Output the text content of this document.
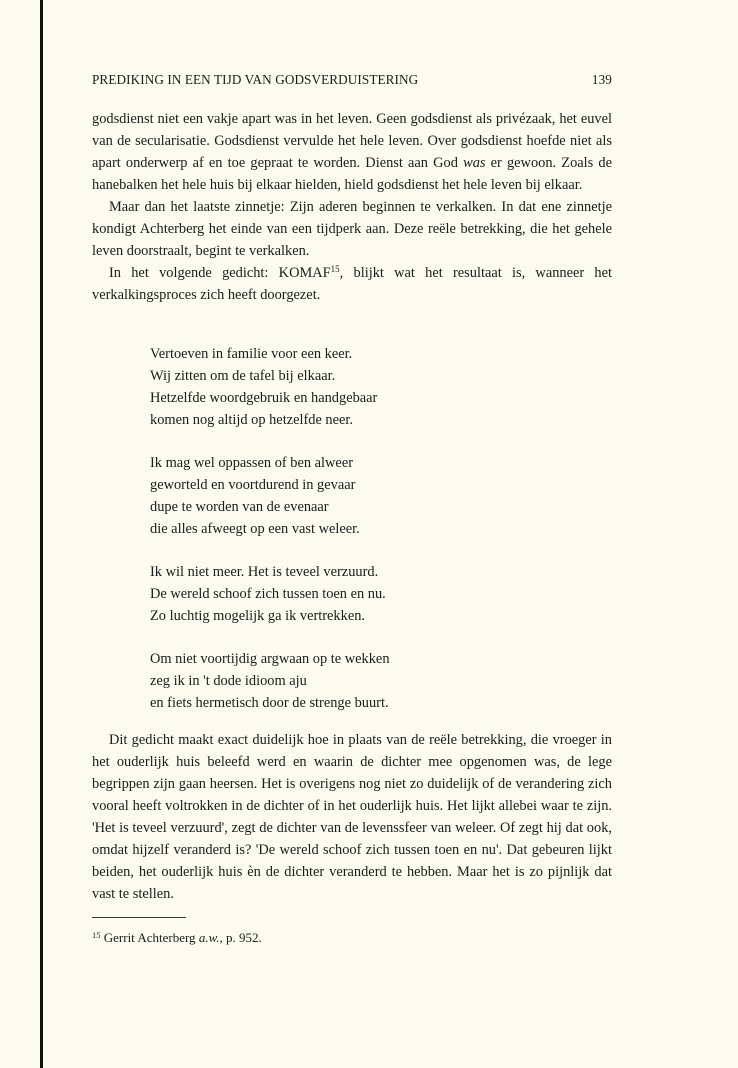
PREDIKING IN EEN TIJD VAN GODSVERDUISTERING	139

godsdienst niet een vakje apart was in het leven. Geen godsdienst als privézaak, het euvel van de secularisatie. Godsdienst vervulde het hele leven. Over godsdienst hoefde niet als apart onderwerp af en toe gepraat te worden. Dienst aan God was er gewoon. Zoals de hanebalken het hele huis bij elkaar hielden, hield godsdienst het hele leven bij elkaar.

Maar dan het laatste zinnetje: Zijn aderen beginnen te verkalken. In dat ene zinnetje kondigt Achterberg het einde van een tijdperk aan. Deze reële betrekking, die het gehele leven doorstraalt, begint te verkalken.

In het volgende gedicht: KOMAF$^{15}$, blijkt wat het resultaat is, wanneer het verkalkingsproces zich heeft doorgezet.

Vertoeven in familie voor een keer.
Wij zitten om de tafel bij elkaar.
Hetzelfde woordgebruik en handgebaar
komen nog altijd op hetzelfde neer.
Ik mag wel oppassen of ben alweer
geworteld en voortdurend in gevaar
dupe te worden van de evenaar
die alles afweegt op een vast weleer.
Ik wil niet meer. Het is teveel verzuurd.
De wereld schoof zich tussen toen en nu.
Zo luchtig mogelijk ga ik vertrekken.
Om niet voortijdig argwaan op te wekken
zeg ik in 't dode idioom aju
en fiets hermetisch door de strenge buurt.

Dit gedicht maakt exact duidelijk hoe in plaats van de reële betrekking, die vroeger in het ouderlijk huis beleefd werd en waarin de dichter mee opgenomen was, de lege begrippen zijn gaan heersen. Het is overigens nog niet zo duidelijk of de verandering zich vooral heeft voltrokken in de dichter of in het ouderlijk huis. Het lijkt allebei waar te zijn. 'Het is teveel verzuurd', zegt de dichter van de levenssfeer van weleer. Of zegt hij dat ook, omdat hijzelf veranderd is? 'De wereld schoof zich tussen toen en nu'. Dat gebeuren lijkt beiden, het ouderlijk huis èn de dichter veranderd te hebben. Maar het is zo pijnlijk dat vast te stellen.

$^{15}$ Gerrit Achterberg a.w., p. 952.
